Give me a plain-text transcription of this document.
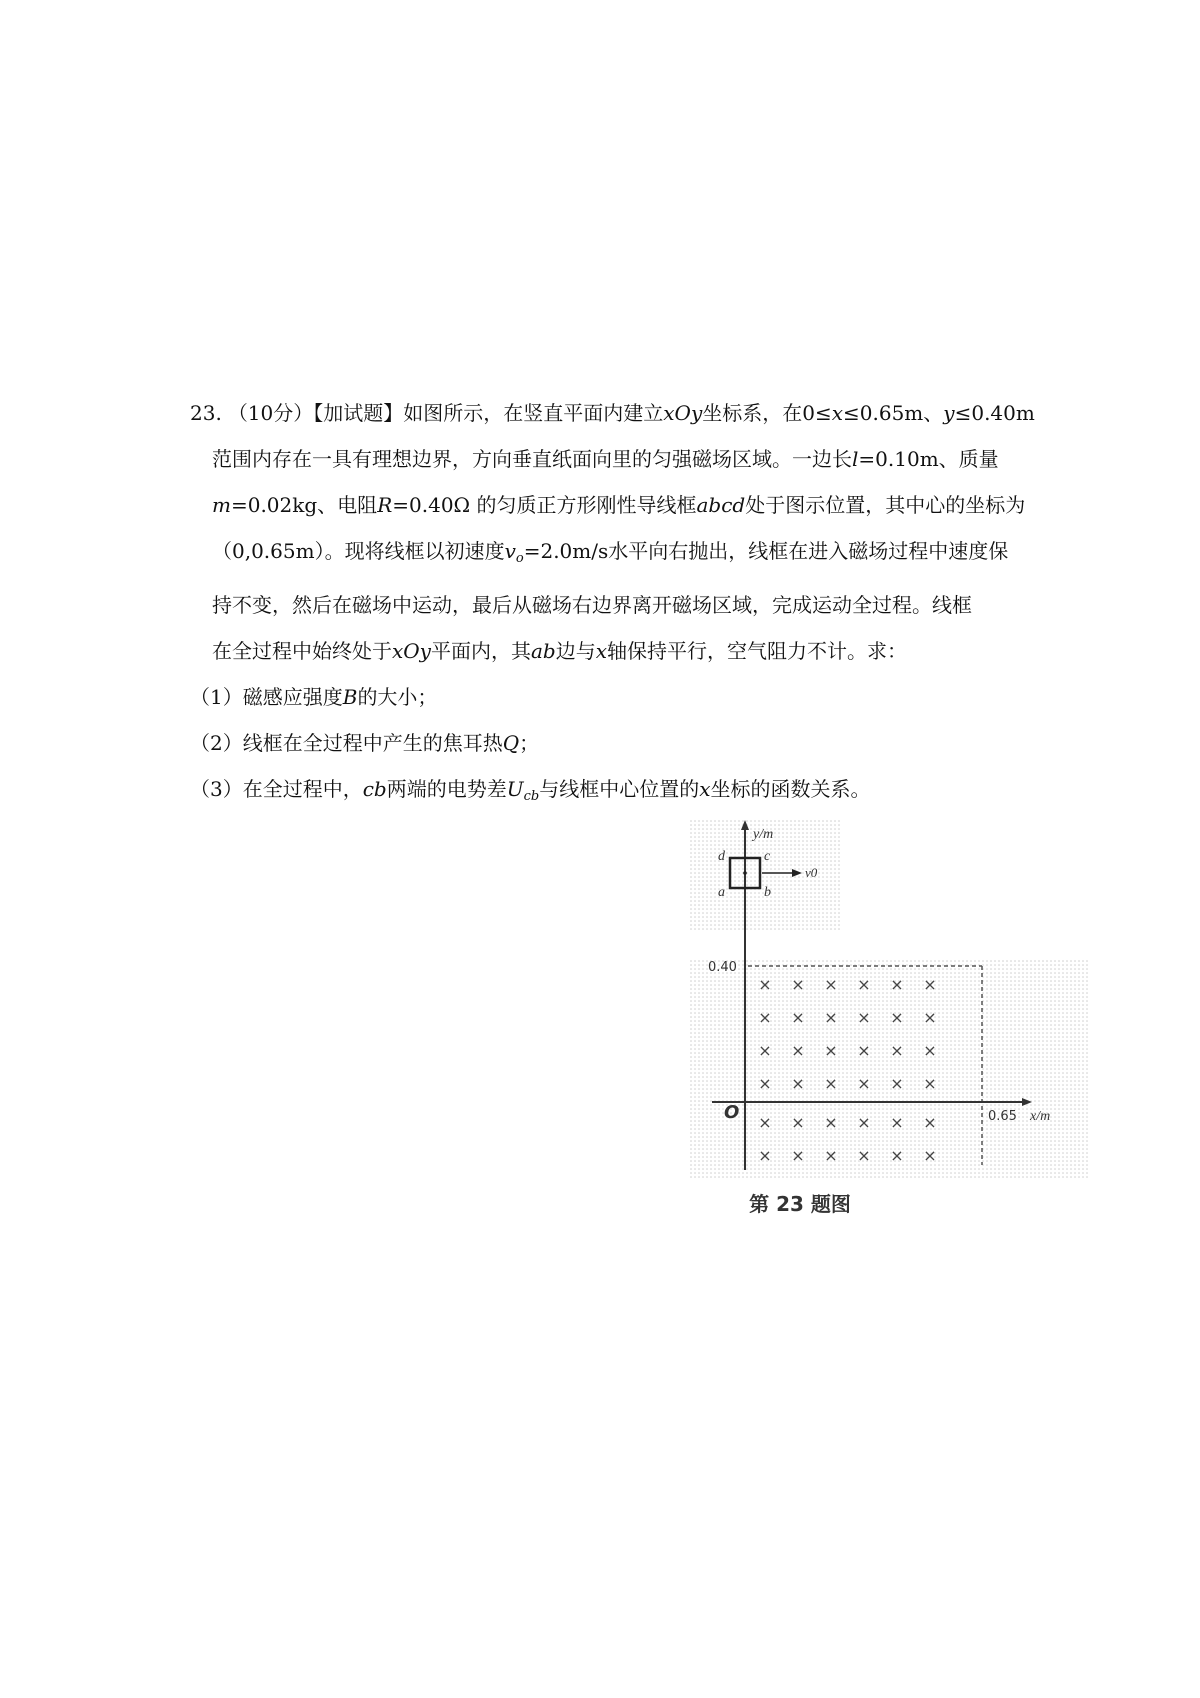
23. （10分）【加试题】如图所示，在竖直平面内建立xOy坐标系，在0≤x≤0.65m、y≤0.40m
范围内存在一具有理想边界，方向垂直纸面向里的匀强磁场区域。一边长l=0.10m、质量
m=0.02kg、电阻R=0.40Ω 的匀质正方形刚性导线框abcd处于图示位置，其中心的坐标为
（0,0.65m）。现将线框以初速度$v_o=2.0m/s$水平向右抛出，线框在进入磁场过程中速度保
持不变，然后在磁场中运动，最后从磁场右边界离开磁场区域，完成运动全过程。线框
在全过程中始终处于xOy平面内，其ab边与x轴保持平行，空气阻力不计。求：
（1）磁感应强度B的大小；
（2）线框在全过程中产生的焦耳热Q；
（3）在全过程中，cb两端的电势差$U_{cb}$与线框中心位置的x坐标的函数关系。
× × × × × ×
× × × × × ×
× × × × × ×
× × × × × ×
× × × × × ×
× × × × × ×
y/m
x/m
O
0.40
0.65
d	c
a	b
v0
第 23 题图
